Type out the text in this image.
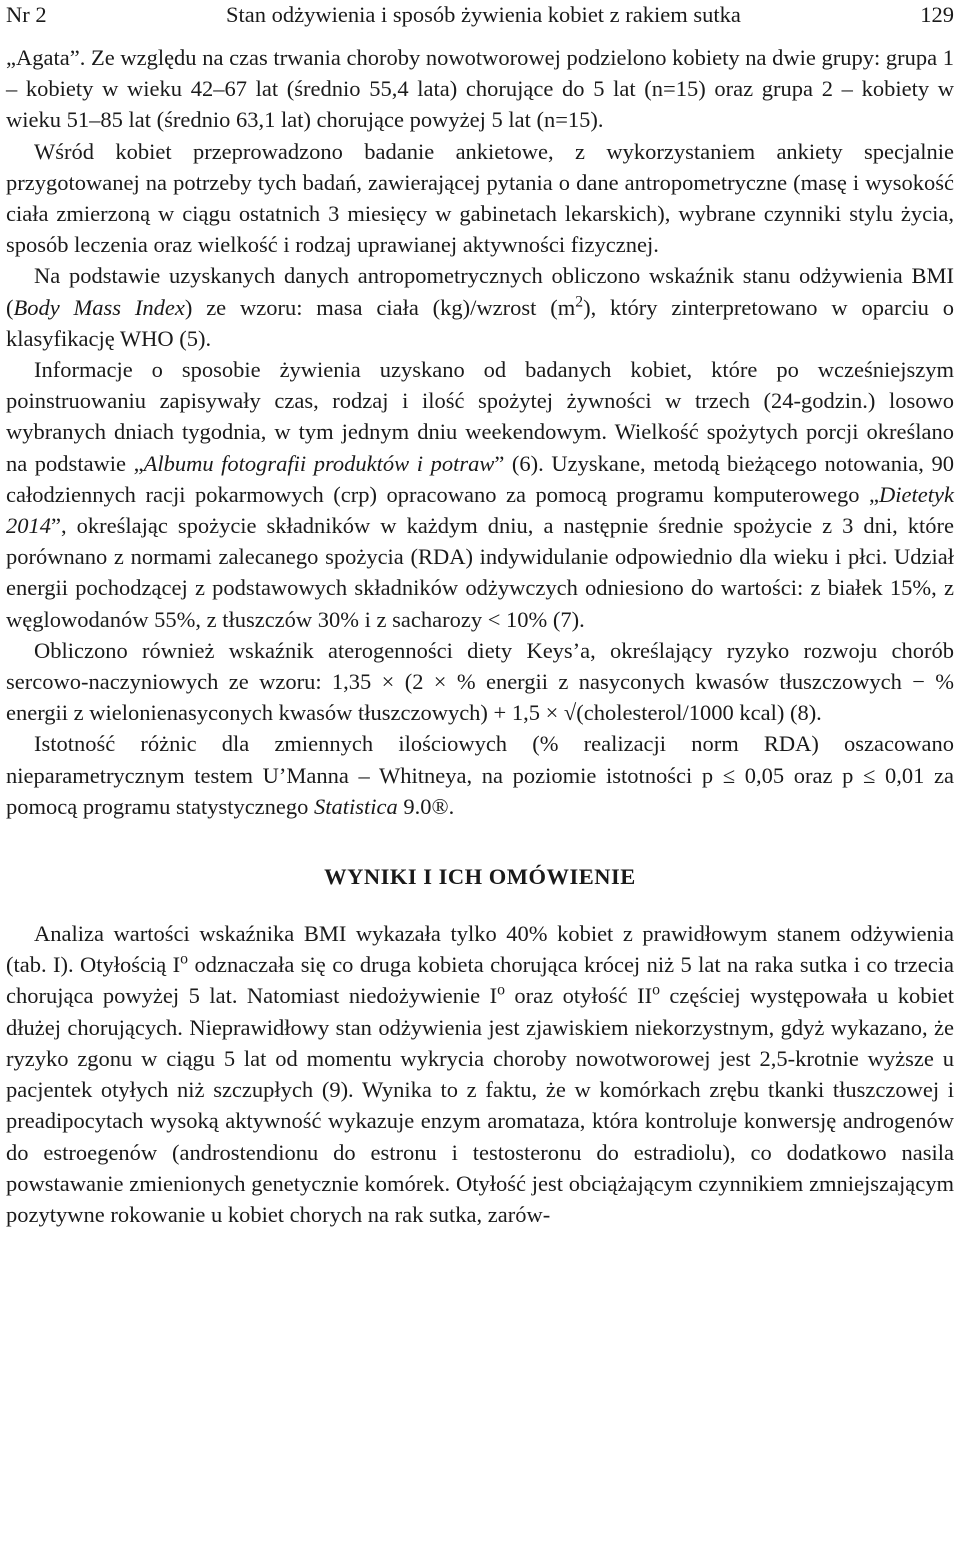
Nr 2	Stan odżywienia i sposób żywienia kobiet z rakiem sutka	129

„Agata”. Ze względu na czas trwania choroby nowotworowej podzielono kobiety na dwie grupy: grupa 1 – kobiety w wieku 42–67 lat (średnio 55,4 lata) chorujące do 5 lat (n=15) oraz grupa 2 – kobiety w wieku 51–85 lat (średnio 63,1 lat) chorujące powyżej 5 lat (n=15).

Wśród kobiet przeprowadzono badanie ankietowe, z wykorzystaniem ankiety specjalnie przygotowanej na potrzeby tych badań, zawierającej pytania o dane antropometryczne (masę i wysokość ciała zmierzoną w ciągu ostatnich 3 miesięcy w gabinetach lekarskich), wybrane czynniki stylu życia, sposób leczenia oraz wielkość i rodzaj uprawianej aktywności fizycznej.

Na podstawie uzyskanych danych antropometrycznych obliczono wskaźnik stanu odżywienia BMI (Body Mass Index) ze wzoru: masa ciała (kg)/wzrost $(m^2)$, który zinterpretowano w oparciu o klasyfikację WHO (5).

Informacje o sposobie żywienia uzyskano od badanych kobiet, które po wcześniejszym poinstruowaniu zapisywały czas, rodzaj i ilość spożytej żywności w trzech (24-godzin.) losowo wybranych dniach tygodnia, w tym jednym dniu weekendowym. Wielkość spożytych porcji określano na podstawie „Albumu fotografii produktów i potraw” (6). Uzyskane, metodą bieżącego notowania, 90 całodziennych racji pokarmowych (crp) opracowano za pomocą programu komputerowego „Dietetyk 2014”, określając spożycie składników w każdym dniu, a następnie średnie spożycie z 3 dni, które porównano z normami zalecanego spożycia (RDA) indywidulanie odpowiednio dla wieku i płci. Udział energii pochodzącej z podstawowych składników odżywczych odniesiono do wartości: z białek 15%, z węglowodanów 55%, z tłuszczów 30% i z sacharozy < 10% (7).

Obliczono również wskaźnik aterogenności diety Keys’a, określający ryzyko rozwoju chorób sercowo-naczyniowych ze wzoru: 1,35 × (2 × % energii z nasyconych kwasów tłuszczowych − % energii z wielonienasyconych kwasów tłuszczowych) + 1,5 × √(cholesterol/1000 kcal) (8).

Istotność różnic dla zmiennych ilościowych (% realizacji norm RDA) oszacowano nieparametrycznym testem U’Manna – Whitneya, na poziomie istotności p ≤ 0,05 oraz p ≤ 0,01 za pomocą programu statystycznego Statistica 9.0®.

WYNIKI I ICH OMÓWIENIE

Analiza wartości wskaźnika BMI wykazała tylko 40% kobiet z prawidłowym stanem odżywienia (tab. I). Otyłością $I^o$ odznaczała się co druga kobieta chorująca krócej niż 5 lat na raka sutka i co trzecia chorująca powyżej 5 lat. Natomiast niedożywienie $I^o$ oraz otyłość $II^o$ częściej występowała u kobiet dłużej chorujących. Nieprawidłowy stan odżywienia jest zjawiskiem niekorzystnym, gdyż wykazano, że ryzyko zgonu w ciągu 5 lat od momentu wykrycia choroby nowotworowej jest 2,5-krotnie wyższe u pacjentek otyłych niż szczupłych (9). Wynika to z faktu, że w komórkach zrębu tkanki tłuszczowej i preadipocytach wysoką aktywność wykazuje enzym aromataza, która kontroluje konwersję androgenów do estroegenów (androstendionu do estronu i testosteronu do estradiolu), co dodatkowo nasila powstawanie zmienionych genetycznie komórek. Otyłość jest obciążającym czynnikiem zmniejszającym pozytywne rokowanie u kobiet chorych na rak sutka, zarów-
